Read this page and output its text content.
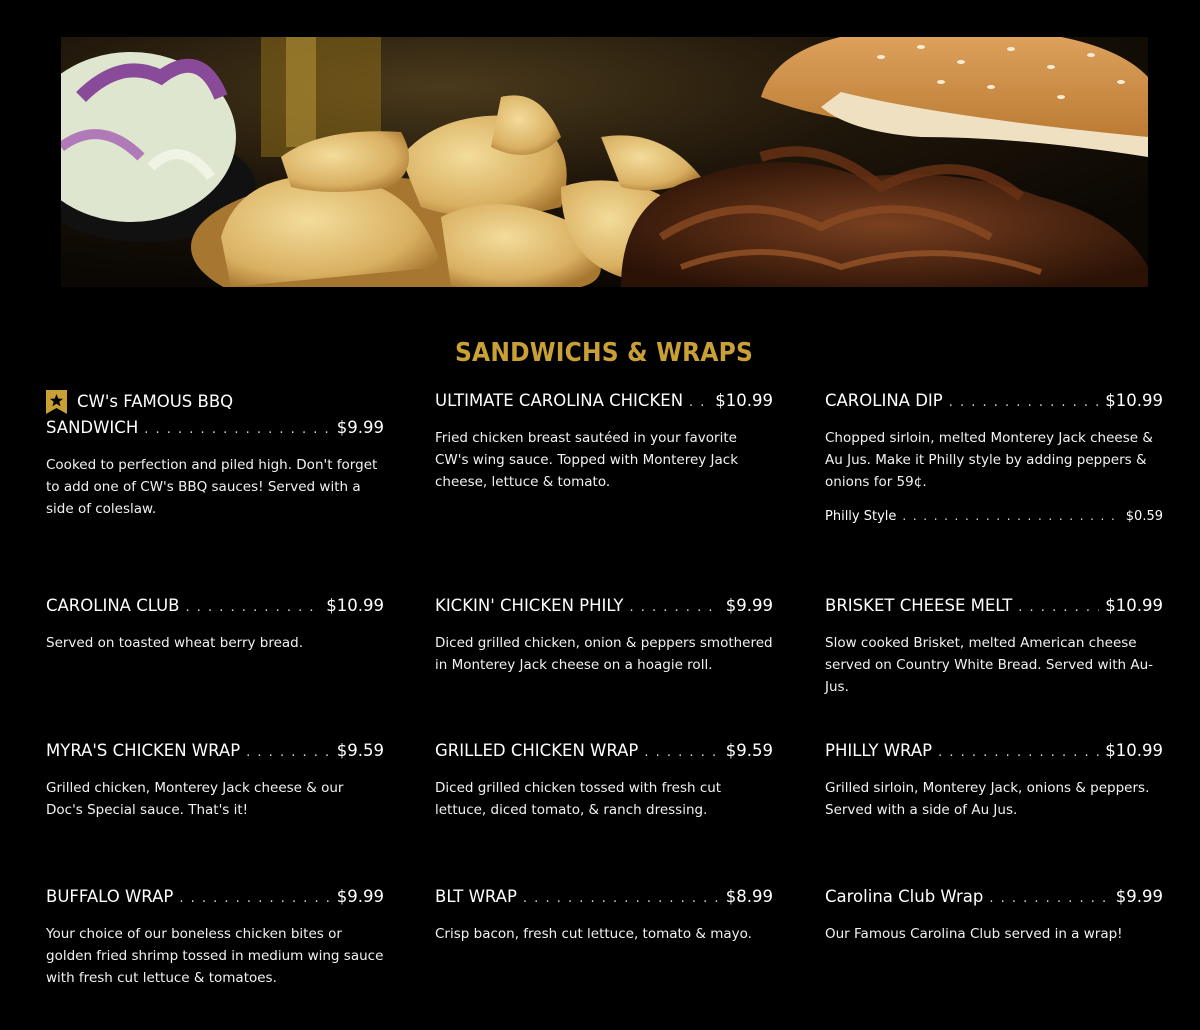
SANDWICHS & WRAPS
CW's FAMOUS BBQ
SANDWICH . . .	$9.99
Cooked to perfection and piled high. Don't forget to add one of CW's BBQ sauces! Served with a side of coleslaw.
ULTIMATE CAROLINA CHICKEN . . . $10.99
Fried chicken breast sautéed in your favorite CW's wing sauce. Topped with Monterey Jack cheese, lettuce & tomato.
CAROLINA DIP . . .	$10.99
Chopped sirloin, melted Monterey Jack cheese & Au Jus. Make it Philly style by adding peppers & onions for 59¢.
Philly Style . . .	$0.59
CAROLINA CLUB . . .	$10.99
Served on toasted wheat berry bread.
KICKIN' CHICKEN PHILY . . .	$9.99
Diced grilled chicken, onion & peppers smothered in Monterey Jack cheese on a hoagie roll.
BRISKET CHEESE MELT . . .	$10.99
Slow cooked Brisket, melted American cheese served on Country White Bread. Served with Au-Jus.
MYRA'S CHICKEN WRAP . . .	$9.59
Grilled chicken, Monterey Jack cheese & our Doc's Special sauce. That's it!
GRILLED CHICKEN WRAP . . .	$9.59
Diced grilled chicken tossed with fresh cut lettuce, diced tomato, & ranch dressing.
PHILLY WRAP . . .	$10.99
Grilled sirloin, Monterey Jack, onions & peppers. Served with a side of Au Jus.
BUFFALO WRAP . . .	$9.99
Your choice of our boneless chicken bites or golden fried shrimp tossed in medium wing sauce with fresh cut lettuce & tomatoes.
BLT WRAP . . .	$8.99
Crisp bacon, fresh cut lettuce, tomato & mayo.
Carolina Club Wrap . . .	$9.99
Our Famous Carolina Club served in a wrap!
